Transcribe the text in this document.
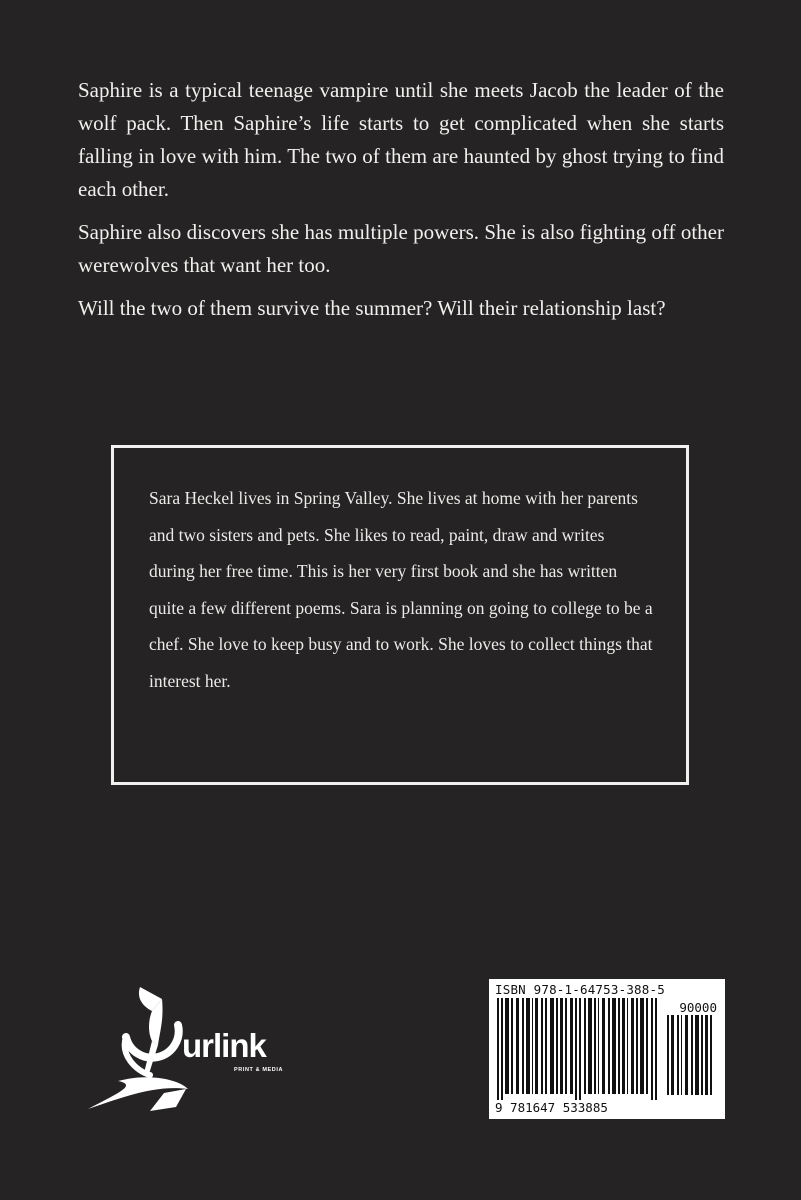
Saphire is a typical teenage vampire until she meets Jacob the leader of the wolf pack. Then Saphire’s life starts to get complicated when she starts falling in love with him. The two of them are haunted by ghost trying to find each other.

Saphire also discovers she has multiple powers. She is also fighting off other werewolves that want her too.

Will the two of them survive the summer? Will their relationship last?

Sara Heckel lives in Spring Valley. She lives at home with her parents and two sisters and pets. She likes to read, paint, draw and writes during her free time. This is her very first book and she has written quite a few different poems. Sara is planning on going to college to be a chef. She love to keep busy and to work. She loves to collect things that interest her.
urlink
PRINT & MEDIA
ISBN 978-1-64753-388-5
90000
9 781647 533885
